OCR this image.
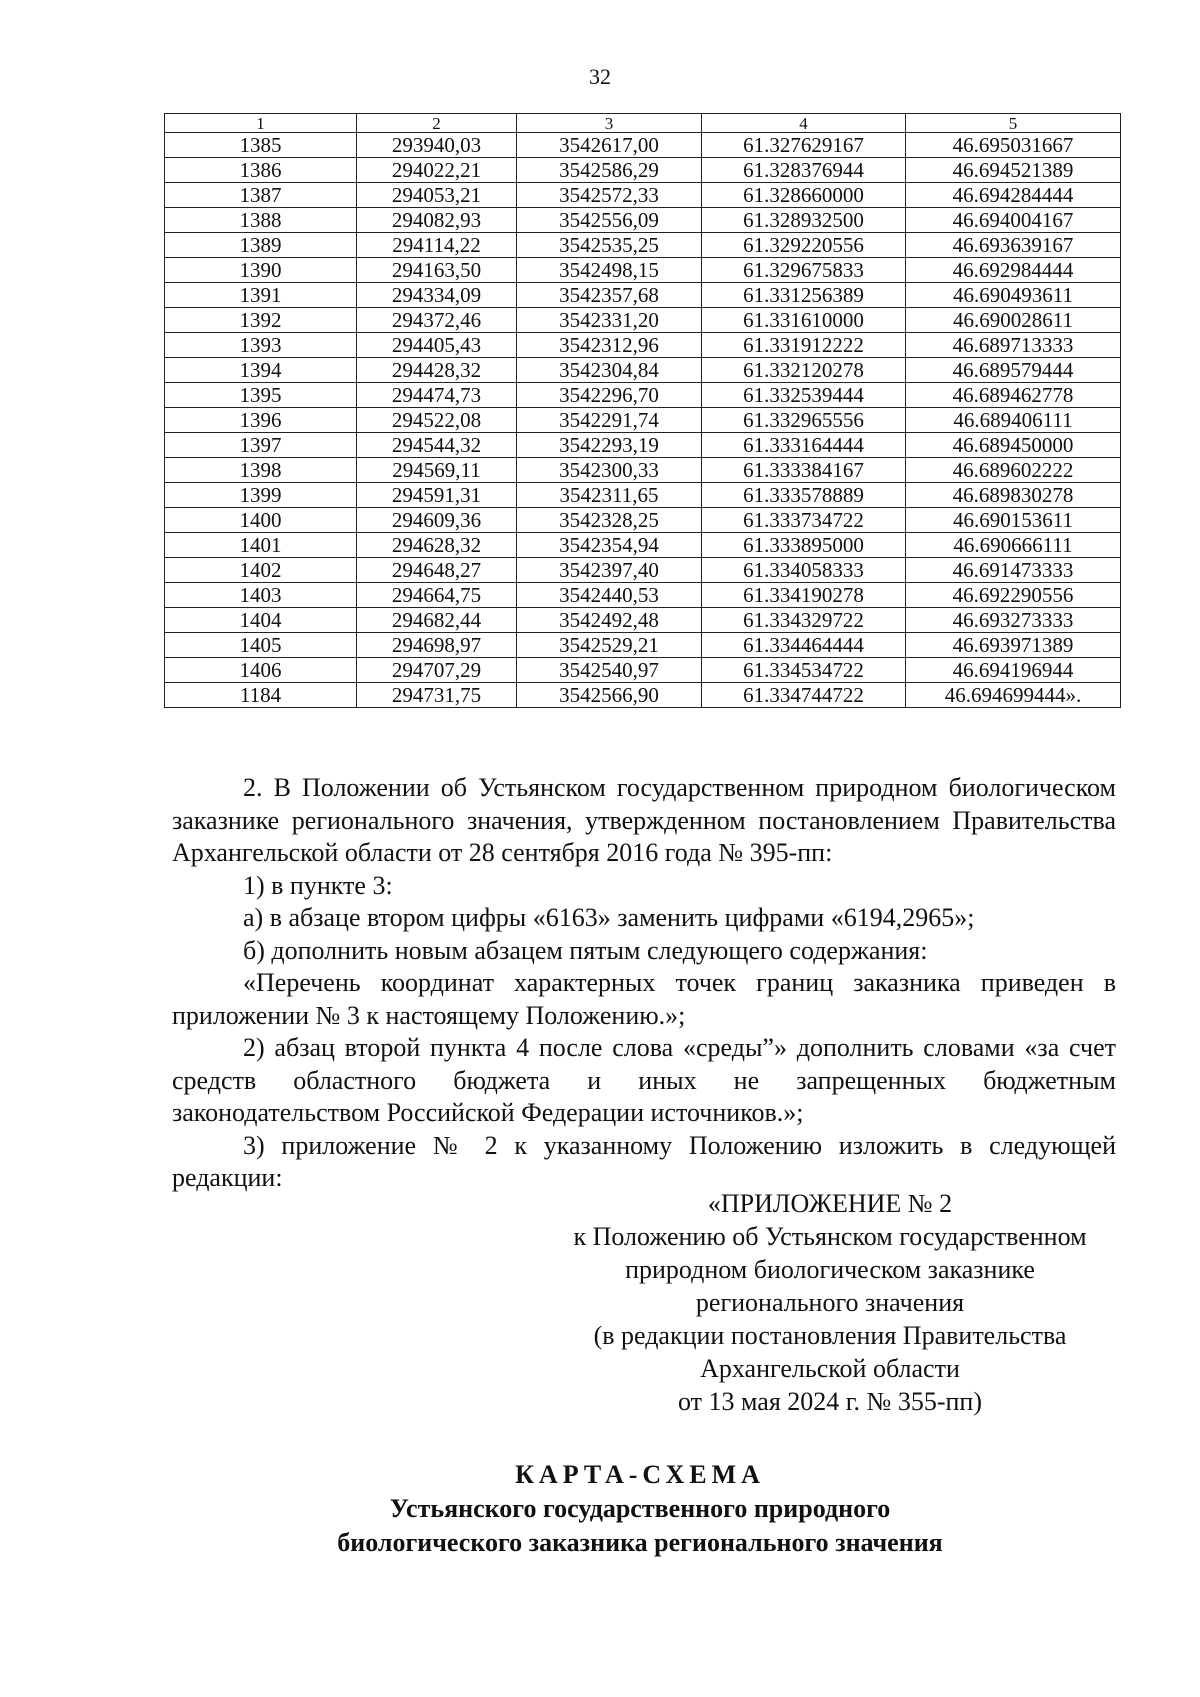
32
1	2	3	4	5
1385	293940,03	3542617,00	61.327629167	46.695031667
1386	294022,21	3542586,29	61.328376944	46.694521389
1387	294053,21	3542572,33	61.328660000	46.694284444
1388	294082,93	3542556,09	61.328932500	46.694004167
1389	294114,22	3542535,25	61.329220556	46.693639167
1390	294163,50	3542498,15	61.329675833	46.692984444
1391	294334,09	3542357,68	61.331256389	46.690493611
1392	294372,46	3542331,20	61.331610000	46.690028611
1393	294405,43	3542312,96	61.331912222	46.689713333
1394	294428,32	3542304,84	61.332120278	46.689579444
1395	294474,73	3542296,70	61.332539444	46.689462778
1396	294522,08	3542291,74	61.332965556	46.689406111
1397	294544,32	3542293,19	61.333164444	46.689450000
1398	294569,11	3542300,33	61.333384167	46.689602222
1399	294591,31	3542311,65	61.333578889	46.689830278
1400	294609,36	3542328,25	61.333734722	46.690153611
1401	294628,32	3542354,94	61.333895000	46.690666111
1402	294648,27	3542397,40	61.334058333	46.691473333
1403	294664,75	3542440,53	61.334190278	46.692290556
1404	294682,44	3542492,48	61.334329722	46.693273333
1405	294698,97	3542529,21	61.334464444	46.693971389
1406	294707,29	3542540,97	61.334534722	46.694196944
1184	294731,75	3542566,90	61.334744722	46.694699444».

2. В Положении об Устьянском государственном природном биологическом заказнике регионального значения, утвержденном постановлением Правительства Архангельской области от 28 сентября 2016 года № 395-пп:

1) в пункте 3:

а) в абзаце втором цифры «6163» заменить цифрами «6194,2965»;

б) дополнить новым абзацем пятым следующего содержания:

«Перечень координат характерных точек границ заказника приведен в приложении № 3 к настоящему Положению.»;

2) абзац второй пункта 4 после слова «среды”» дополнить словами «за счет средств областного бюджета и иных не запрещенных бюджетным законодательством Российской Федерации источников.»;

3) приложение № 2 к указанному Положению изложить в следующей редакции:

«ПРИЛОЖЕНИЕ № 2
к Положению об Устьянском государственном
природном биологическом заказнике
регионального значения
(в редакции постановления Правительства
Архангельской области
от 13 мая 2024 г. № 355-пп)
КАРТА-СХЕМА
Устьянского государственного природного
биологического заказника регионального значения
